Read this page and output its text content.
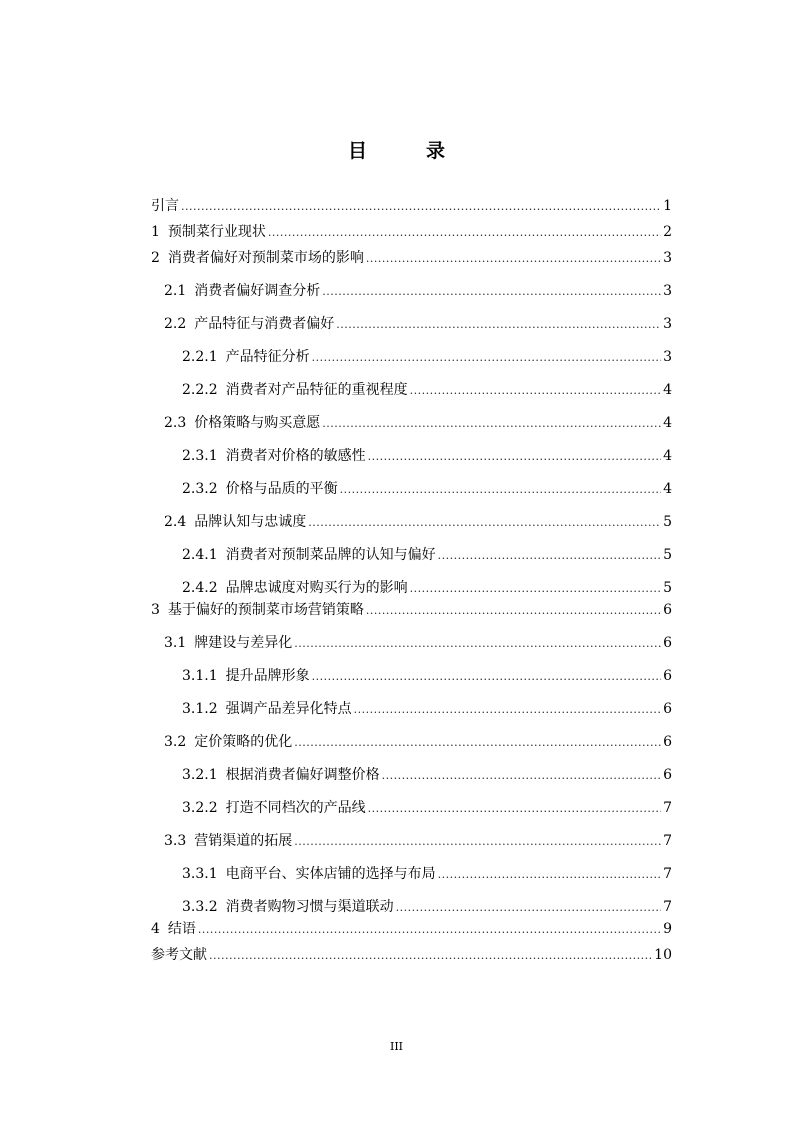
目　录
引言 .....	1
1 预制菜行业现状 .....	2
2 消费者偏好对预制菜市场的影响 .....	3
2.1 消费者偏好调查分析 .....	3
2.2 产品特征与消费者偏好 .....	3
2.2.1 产品特征分析 .....	3
2.2.2 消费者对产品特征的重视程度 .....	4
2.3 价格策略与购买意愿 .....	4
2.3.1 消费者对价格的敏感性 .....	4
2.3.2 价格与品质的平衡 .....	4
2.4 品牌认知与忠诚度 .....	5
2.4.1 消费者对预制菜品牌的认知与偏好 .....	5
2.4.2 品牌忠诚度对购买行为的影响 .....	5
3 基于偏好的预制菜市场营销策略 .....	6
3.1 牌建设与差异化 .....	6
3.1.1 提升品牌形象 .....	6
3.1.2 强调产品差异化特点 .....	6
3.2 定价策略的优化 .....	6
3.2.1 根据消费者偏好调整价格 .....	6
3.2.2 打造不同档次的产品线 .....	7
3.3 营销渠道的拓展 .....	7
3.3.1 电商平台、实体店铺的选择与布局 .....	7
3.3.2 消费者购物习惯与渠道联动 .....	7
4 结语 .....	9
参考文献 .....	10
III
